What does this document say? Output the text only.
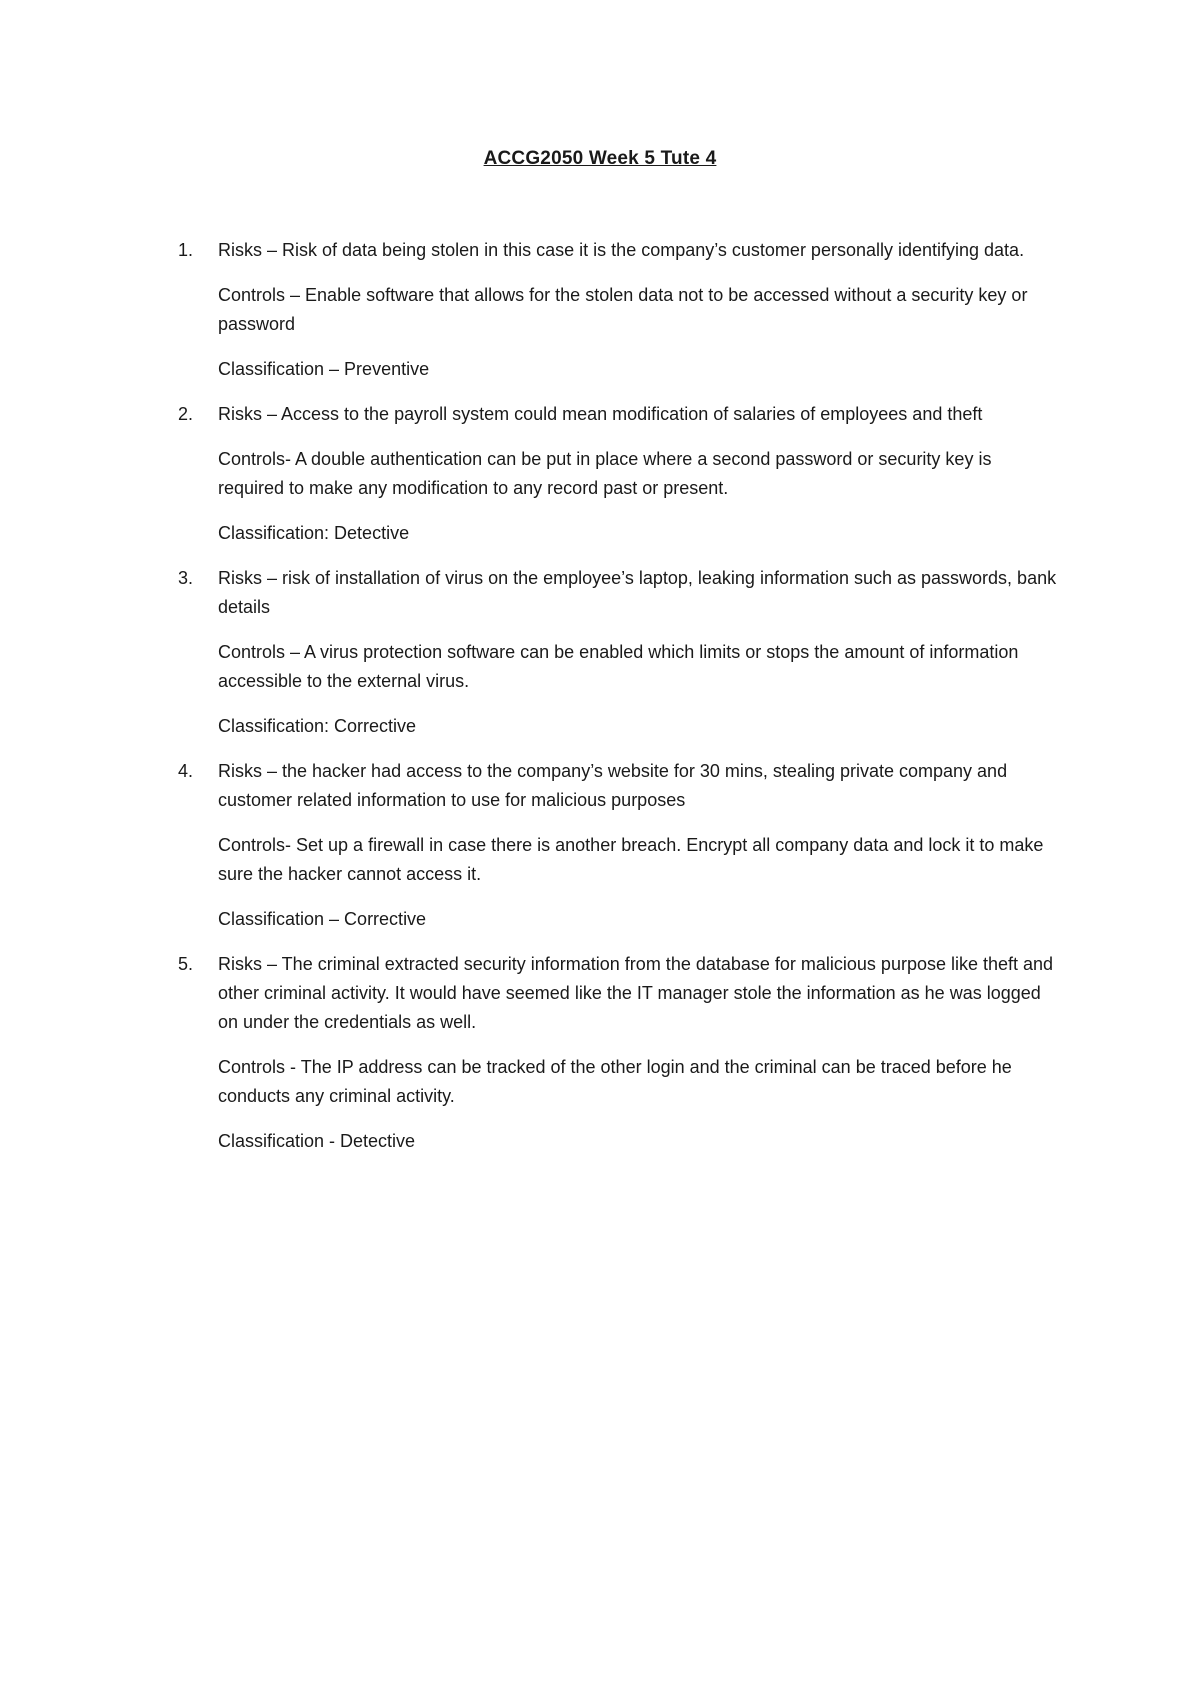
ACCG2050 Week 5 Tute 4
1. Risks – Risk of data being stolen in this case it is the company’s customer personally identifying data.

Controls – Enable software that allows for the stolen data not to be accessed without a security key or password

Classification – Preventive

2. Risks – Access to the payroll system could mean modification of salaries of employees and theft

Controls- A double authentication can be put in place where a second password or security key is required to make any modification to any record past or present.

Classification: Detective

3. Risks – risk of installation of virus on the employee’s laptop, leaking information such as passwords, bank details

Controls – A virus protection software can be enabled which limits or stops the amount of information accessible to the external virus.

Classification: Corrective

4. Risks – the hacker had access to the company’s website for 30 mins, stealing private company and customer related information to use for malicious purposes

Controls- Set up a firewall in case there is another breach. Encrypt all company data and lock it to make sure the hacker cannot access it.

Classification – Corrective

5. Risks – The criminal extracted security information from the database for malicious purpose like theft and other criminal activity. It would have seemed like the IT manager stole the information as he was logged on under the credentials as well.

Controls - The IP address can be tracked of the other login and the criminal can be traced before he conducts any criminal activity.

Classification - Detective
